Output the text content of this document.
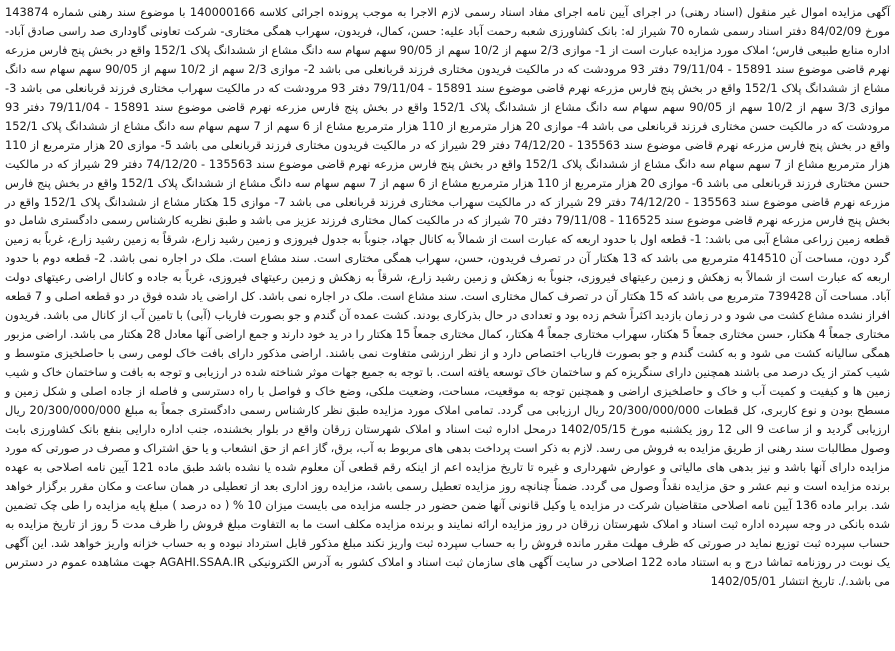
آگهی مزایده اموال غیر منقول (اسناد رهنی) در اجرای آیین نامه اجرای مفاد اسناد رسمی لازم الاجرا به موجب پرونده اجرائی کلاسه 140000166 با موضوع سند رهنی شماره 143874 مورخ 84/02/09 دفتر اسناد رسمی شماره 70 شیراز له: بانک کشاورزی شعبه رحمت آباد علیه: حسن، کمال، فریدون، سهراب همگی مختاری- شرکت تعاونی گاوداری صد راسی صادق آباد- اداره منابع طبیعی فارس؛ املاک مورد مزایده عبارت است از 1- موازی 2/3 سهم از 10/2 سهم از 90/05 سهم سهام سه دانگ مشاع از ششدانگ پلاک 152/1 واقع در بخش پنج فارس مزرعه نهرم قاضی موضوع سند 15891 - 79/11/04 دفتر 93 مرودشت که در مالکیت فریدون مختاری فرزند قربانعلی می باشد 2- موازی 2/3 سهم از 10/2 سهم از 90/05 سهم سهام سه دانگ مشاع از ششدانگ پلاک 152/1 واقع در بخش پنج فارس مزرعه نهرم قاضی موضوع سند 15891 - 79/11/04 دفتر 93 مرودشت که در مالکیت سهراب مختاری فرزند قربانعلی می باشد 3- موازی 3/3 سهم از 10/2 سهم از 90/05 سهم سهام سه دانگ مشاع از ششدانگ پلاک 152/1 واقع در بخش پنج فارس مزرعه نهرم قاضی موضوع سند 15891 - 79/11/04 دفتر 93 مرودشت که در مالکیت حسن مختاری فرزند قربانعلی می باشد 4- موازی 20 هزار مترمربع از 110 هزار مترمربع مشاع از 6 سهم از 7 سهم سهام سه دانگ مشاع از ششدانگ پلاک 152/1 واقع در بخش پنج فارس مزرعه نهرم قاضی موضوع سند 135563 - 74/12/20 دفتر 29 شیراز که در مالکیت فریدون مختاری فرزند قربانعلی می باشد 5- موازی 20 هزار مترمربع از 110 هزار مترمربع مشاع از 7 سهم سهام سه دانگ مشاع از ششدانگ پلاک 152/1 واقع در بخش پنج فارس مزرعه نهرم قاضی موضوع سند 135563 - 74/12/20 دفتر 29 شیراز که در مالکیت حسن مختاری فرزند قربانعلی می باشد 6- موازی 20 هزار مترمربع از 110 هزار مترمربع مشاع از 6 سهم از 7 سهم سهام سه دانگ مشاع از ششدانگ پلاک 152/1 واقع در بخش پنج فارس مزرعه نهرم قاضی موضوع سند 135563 - 74/12/20 دفتر 29 شیراز که در مالکیت سهراب مختاری فرزند قربانعلی می باشد 7- موازی 15 هکتار مشاع از ششدانگ پلاک 152/1 واقع در بخش پنج فارس مزرعه نهرم قاضی موضوع سند 116525 - 79/11/08 دفتر 70 شیراز که در مالکیت کمال مختاری فرزند عزیز می باشد و طبق نظریه کارشناس رسمی دادگستری شامل دو قطعه زمین زراعی مشاع آبی می باشد: 1- قطعه اول با حدود اربعه که عبارت است از شمالاً به کانال جهاد، جنوباً به جدول فیروزی و زمین رشید زارع، شرقاً به زمین رشید زارع، غرباً به زمین گرد دون، مساحت آن 414510 مترمربع می باشد که 13 هکتار آن در تصرف فریدون، حسن، سهراب همگی مختاری است. سند مشاع است. ملک در اجاره نمی باشد. 2- قطعه دوم با حدود اربعه که عبارت است از شمالاً به زهکش و زمین رعیتهای فیروزی، جنوباً به زهکش و زمین رشید زارع، شرقاً به زهکش و زمین رعیتهای فیروزی، غرباً به جاده و کانال اراضی رعیتهای دولت آباد. مساحت آن 739428 مترمربع می باشد که 15 هکتار آن در تصرف کمال مختاری است. سند مشاع است. ملک در اجاره نمی باشد. کل اراضی یاد شده فوق در دو قطعه اصلی و 7 قطعه افراز نشده مشاع کشت می شود و در زمان بازدید اکثراً شخم زده بود و تعدادی در حال بذرکاری بودند. کشت عمده آن گندم و جو بصورت فاریاب (آبی) با تامین آب از کانال می باشد. فریدون مختاری جمعاً 4 هکتار، حسن مختاری جمعاً 5 هکتار، سهراب مختاری جمعاً 4 هکتار، کمال مختاری جمعاً 15 هکتار را در ید خود دارند و جمع اراضی آنها معادل 28 هکتار می باشد. اراضی مزبور همگی سالیانه کشت می شود و به کشت گندم و جو بصورت فاریاب اختصاص دارد و از نظر ارزشی متفاوت نمی باشند. اراضی مذکور دارای بافت خاک لومی رسی با حاصلخیزی متوسط و شیب کمتر از یک درصد می باشند همچنین دارای سنگریزه کم و ساختمان خاک توسعه یافته است. با توجه به جمیع جهات موثر شناخته شده در ارزیابی و توجه به بافت و ساختمان خاک و شیب زمین ها و کیفیت و کمیت آب و خاک و حاصلخیزی اراضی و همچنین توجه به موقعیت، مساحت، وضعیت ملکی، وضع خاک و فواصل با راه دسترسی و فاصله از جاده اصلی و شکل زمین و مسطح بودن و نوع کاربری، کل قطعات 20/300/000/000 ریال ارزیابی می گردد. تمامی املاک مورد مزایده طبق نظر کارشناس رسمی دادگستری جمعاً به مبلغ 20/300/000/000 ریال ارزیابی گردید و از ساعت 9 الی 12 روز یکشنبه مورخ 1402/05/15 درمحل اداره ثبت اسناد و املاک شهرستان زرقان واقع در بلوار بخشنده، جنب اداره دارایی بنفع بانک کشاورزی بابت وصول مطالبات سند رهنی از طریق مزایده به فروش می رسد. لازم به ذکر است پرداخت بدهی های مربوط به آب، برق، گاز اعم از حق انشعاب و یا حق اشتراک و مصرف در صورتی که مورد مزایده دارای آنها باشد و نیز بدهی های مالیاتی و عوارض شهرداری و غیره تا تاریخ مزایده اعم از اینکه رقم قطعی آن معلوم شده یا نشده باشد طبق ماده 121 آیین نامه اصلاحی به عهده برنده مزایده است و نیم عشر و حق مزایده نقداً وصول می گردد. ضمناً چنانچه روز مزایده تعطیل رسمی باشد، مزایده روز اداری بعد از تعطیلی در همان ساعت و مکان مقرر برگزار خواهد شد. برابر ماده 136 آیین نامه اصلاحی متقاضیان شرکت در مزایده یا وکیل قانونی آنها ضمن حضور در جلسه مزایده می بایست میزان 10 % ( ده درصد ) مبلغ پایه مزایده را طی چک تضمین شده بانکی در وجه سپرده اداره ثبت اسناد و املاک شهرستان زرقان در روز مزایده ارائه نمایند و برنده مزایده مکلف است ما به التفاوت مبلغ فروش را ظرف مدت 5 روز از تاریخ مزایده به حساب سپرده ثبت توزیع نماید در صورتی که ظرف مهلت مقرر مانده فروش را به حساب سپرده ثبت واریز نکند مبلغ مذکور قابل استرداد نبوده و به حساب خزانه واریز خواهد شد. این آگهی یک نوبت در روزنامه تماشا درج و به استناد ماده 122 اصلاحی در سایت آگهی های سازمان ثبت اسناد و املاک کشور به آدرس الکترونیکی AGAHI.SSAA.IR جهت مشاهده عموم در دسترس می باشد./. تاریخ انتشار 1402/05/01
